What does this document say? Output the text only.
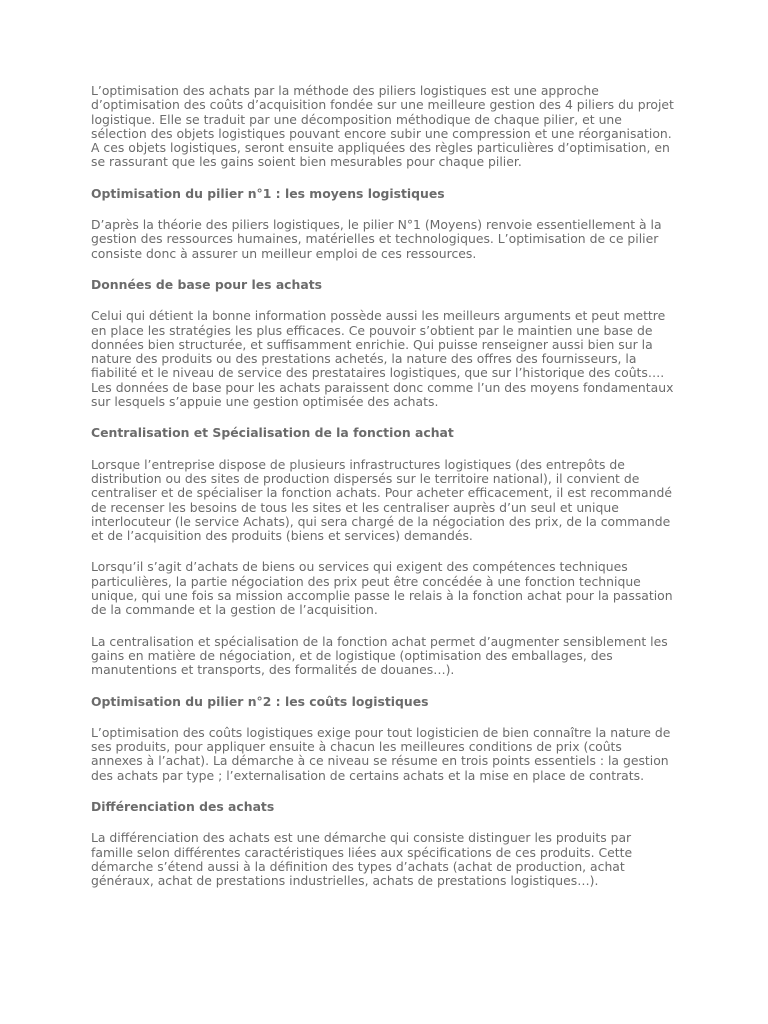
L’optimisation des achats par la méthode des piliers logistiques est une approche d’optimisation des coûts d’acquisition fondée sur une meilleure gestion des 4 piliers du projet logistique. Elle se traduit par une décomposition méthodique de chaque pilier, et une sélection des objets logistiques pouvant encore subir une compression et une réorganisation. A ces objets logistiques, seront ensuite appliquées des règles particulières d’optimisation, en se rassurant que les gains soient bien mesurables pour chaque pilier.

Optimisation du pilier n°1 : les moyens logistiques

D’après la théorie des piliers logistiques, le pilier N°1 (Moyens) renvoie essentiellement à la gestion des ressources humaines, matérielles et technologiques. L’optimisation de ce pilier consiste donc à assurer un meilleur emploi de ces ressources.

Données de base pour les achats

Celui qui détient la bonne information possède aussi les meilleurs arguments et peut mettre en place les stratégies les plus efficaces. Ce pouvoir s’obtient par le maintien une base de données bien structurée, et suffisamment enrichie. Qui puisse renseigner aussi bien sur la nature des produits ou des prestations achetés, la nature des offres des fournisseurs, la fiabilité et le niveau de service des prestataires logistiques, que sur l’historique des coûts…. Les données de base pour les achats paraissent donc comme l’un des moyens fondamentaux sur lesquels s’appuie une gestion optimisée des achats.

Centralisation et Spécialisation de la fonction achat

Lorsque l’entreprise dispose de plusieurs infrastructures logistiques (des entrepôts de distribution ou des sites de production dispersés sur le territoire national), il convient de centraliser et de spécialiser la fonction achats. Pour acheter efficacement, il est recommandé de recenser les besoins de tous les sites et les centraliser auprès d’un seul et unique interlocuteur (le service Achats), qui sera chargé de la négociation des prix, de la commande et de l’acquisition des produits (biens et services) demandés.

Lorsqu’il s’agit d’achats de biens ou services qui exigent des compétences techniques particulières, la partie négociation des prix peut être concédée à une fonction technique unique, qui une fois sa mission accomplie passe le relais à la fonction achat pour la passation de la commande et la gestion de l’acquisition.

La centralisation et spécialisation de la fonction achat permet d’augmenter sensiblement les gains en matière de négociation, et de logistique (optimisation des emballages, des manutentions et transports, des formalités de douanes…).

Optimisation du pilier n°2 : les coûts logistiques

L’optimisation des coûts logistiques exige pour tout logisticien de bien connaître la nature de ses produits, pour appliquer ensuite à chacun les meilleures conditions de prix (coûts annexes à l’achat). La démarche à ce niveau se résume en trois points essentiels : la gestion des achats par type ; l’externalisation de certains achats et la mise en place de contrats.

Différenciation des achats

La différenciation des achats est une démarche qui consiste distinguer les produits par famille selon différentes caractéristiques liées aux spécifications de ces produits. Cette démarche s’étend aussi à la définition des types d’achats (achat de production, achat généraux, achat de prestations industrielles, achats de prestations logistiques…).
